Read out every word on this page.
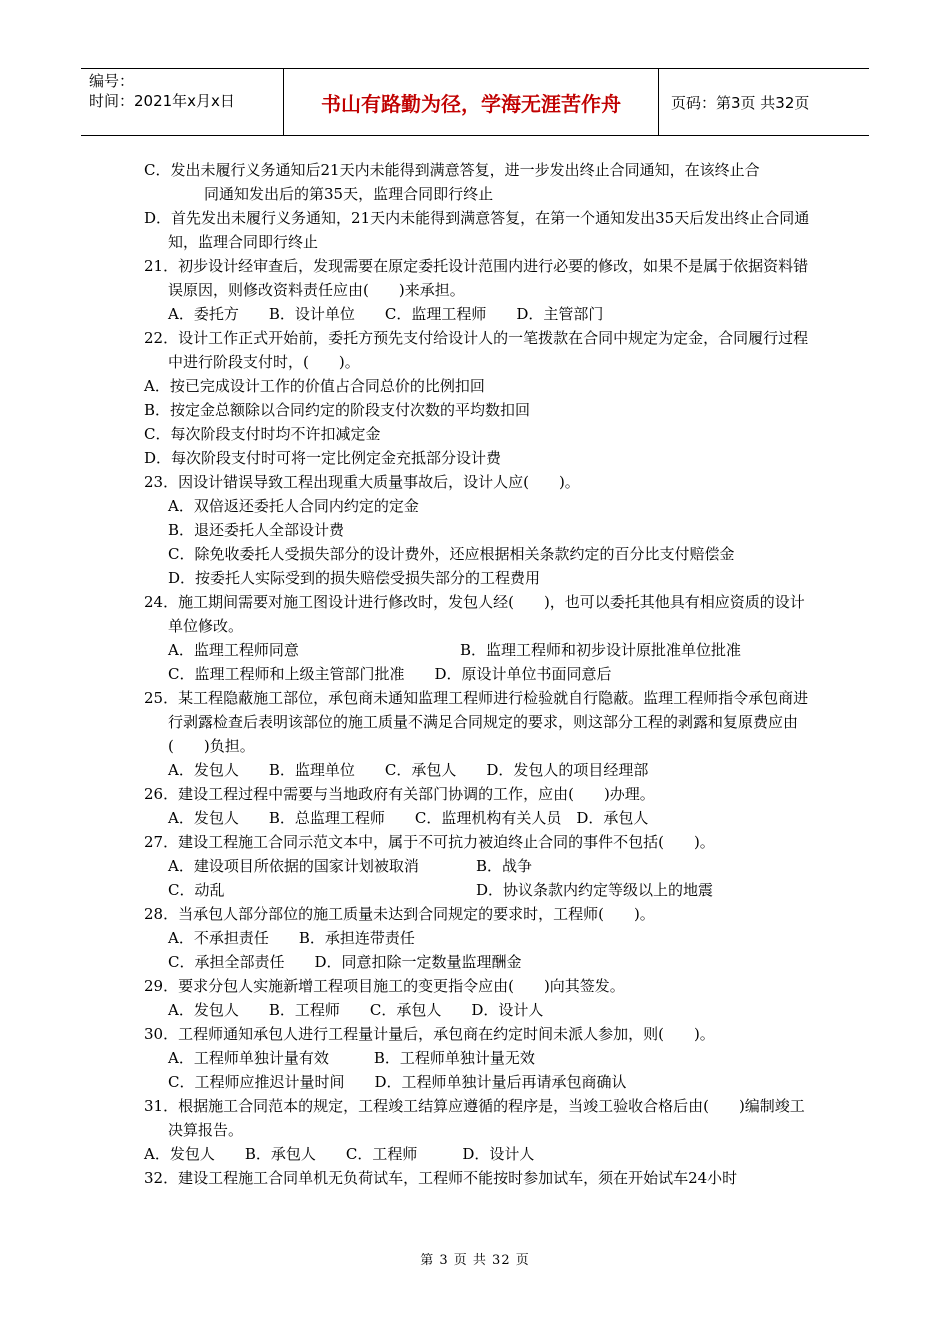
编号：
时间：2021年x月x日	书山有路勤为径，学海无涯苦作舟	页码：第3页 共32页

C．发出未履行义务通知后21天内未能得到满意答复，进一步发出终止合同通知，在该终止合

同通知发出后的第35天，监理合同即行终止

D．首先发出未履行义务通知，21天内未能得到满意答复，在第一个通知发出35天后发出终止合同通知，监理合同即行终止

21．初步设计经审查后，发现需要在原定委托设计范围内进行必要的修改，如果不是属于依据资料错误原因，则修改资料责任应由(　　)来承担。

A．委托方　　B．设计单位　　C．监理工程师　　D．主管部门

22．设计工作正式开始前，委托方预先支付给设计人的一笔拨款在合同中规定为定金，合同履行过程中进行阶段支付时，(　　)。

A．按已完成设计工作的价值占合同总价的比例扣回

B．按定金总额除以合同约定的阶段支付次数的平均数扣回

C．每次阶段支付时均不许扣减定金

D．每次阶段支付时可将一定比例定金充抵部分设计费

23．因设计错误导致工程出现重大质量事故后，设计人应(　　)。

A．双倍返还委托人合同内约定的定金

B．退还委托人全部设计费

C．除免收委托人受损失部分的设计费外，还应根据相关条款约定的百分比支付赔偿金

D．按委托人实际受到的损失赔偿受损失部分的工程费用

24．施工期间需要对施工图设计进行修改时，发包人经(　　)，也可以委托其他具有相应资质的设计单位修改。

A．监理工程师同意	B．监理工程师和初步设计原批准单位批准

C．监理工程师和上级主管部门批准　　D．原设计单位书面同意后

25．某工程隐蔽施工部位，承包商未通知监理工程师进行检验就自行隐蔽。监理工程师指令承包商进行剥露检查后表明该部位的施工质量不满足合同规定的要求，则这部分工程的剥露和复原费应由(　　)负担。

A．发包人　　B．监理单位　　C．承包人　　D．发包人的项目经理部

26．建设工程过程中需要与当地政府有关部门协调的工作，应由(　　)办理。

A．发包人　　B．总监理工程师　　C．监理机构有关人员　D．承包人

27．建设工程施工合同示范文本中，属于不可抗力被迫终止合同的事件不包括(　　)。

A．建设项目所依据的国家计划被取消	B．战争
C．动乱	D．协议条款内约定等级以上的地震

28．当承包人部分部位的施工质量未达到合同规定的要求时，工程师(　　)。

A．不承担责任　　B．承担连带责任

C．承担全部责任　　D．同意扣除一定数量监理酬金

29．要求分包人实施新增工程项目施工的变更指令应由(　　)向其签发。

A．发包人　　B．工程师　　C．承包人　　D．设计人

30．工程师通知承包人进行工程量计量后，承包商在约定时间未派人参加，则(　　)。

A．工程师单独计量有效　　　B．工程师单独计量无效

C．工程师应推迟计量时间　　D．工程师单独计量后再请承包商确认

31．根据施工合同范本的规定，工程竣工结算应遵循的程序是，当竣工验收合格后由(　　)编制竣工决算报告。

A．发包人　　B．承包人　　C．工程师　　　D．设计人

32．建设工程施工合同单机无负荷试车，工程师不能按时参加试车，须在开始试车24小时

第 3 页 共 32 页
